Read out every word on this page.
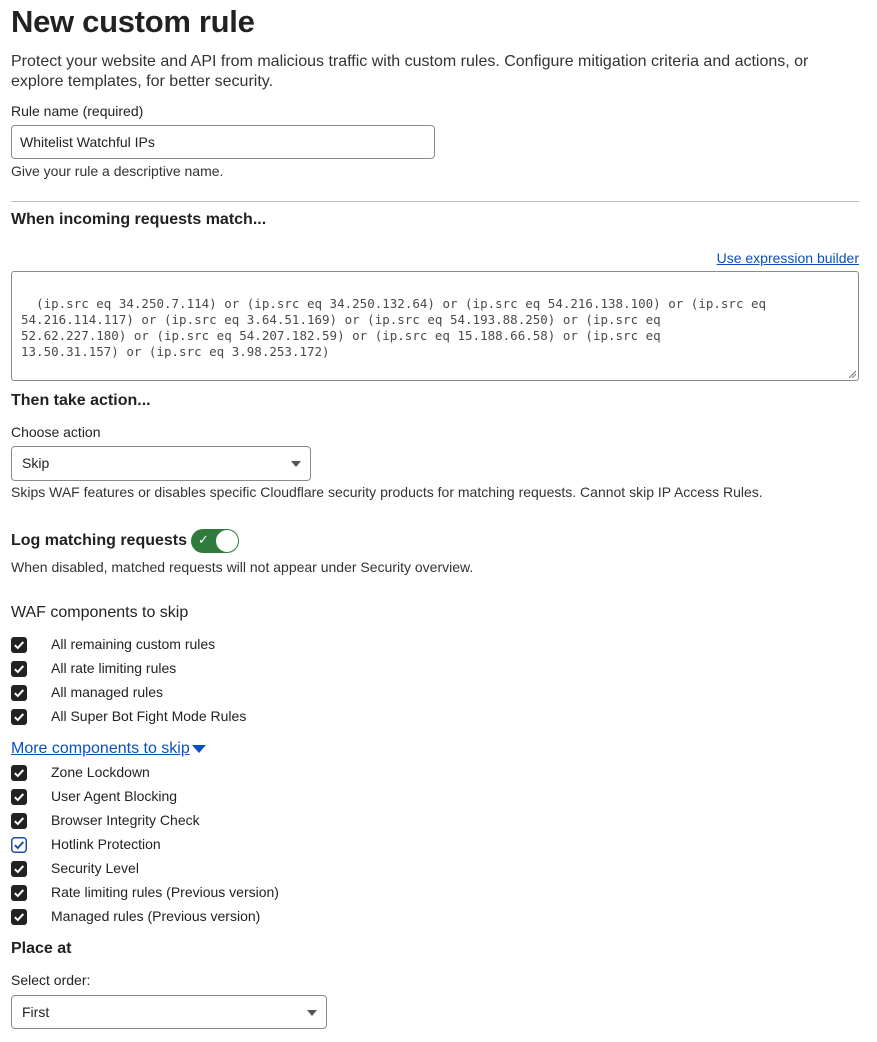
New custom rule
Protect your website and API from malicious traffic with custom rules. Configure mitigation criteria and actions, or explore templates, for better security.
Rule name (required)
Whitelist Watchful IPs
Give your rule a descriptive name.
When incoming requests match...
Use expression builder

(ip.src eq 34.250.7.114) or (ip.src eq 34.250.132.64) or (ip.src eq 54.216.138.100) or (ip.src eq
54.216.114.117) or (ip.src eq 3.64.51.169) or (ip.src eq 54.193.88.250) or (ip.src eq
52.62.227.180) or (ip.src eq 54.207.182.59) or (ip.src eq 15.188.66.58) or (ip.src eq
13.50.31.157) or (ip.src eq 3.98.253.172)

Then take action...
Choose action
Skip
Skips WAF features or disables specific Cloudflare security products for matching requests. Cannot skip IP Access Rules.
Log matching requests ✓
When disabled, matched requests will not appear under Security overview.
WAF components to skip
All remaining custom rules
All rate limiting rules
All managed rules
All Super Bot Fight Mode Rules
More components to skip
Zone Lockdown
User Agent Blocking
Browser Integrity Check
Hotlink Protection
Security Level
Rate limiting rules (Previous version)
Managed rules (Previous version)
Place at
Select order:
First
